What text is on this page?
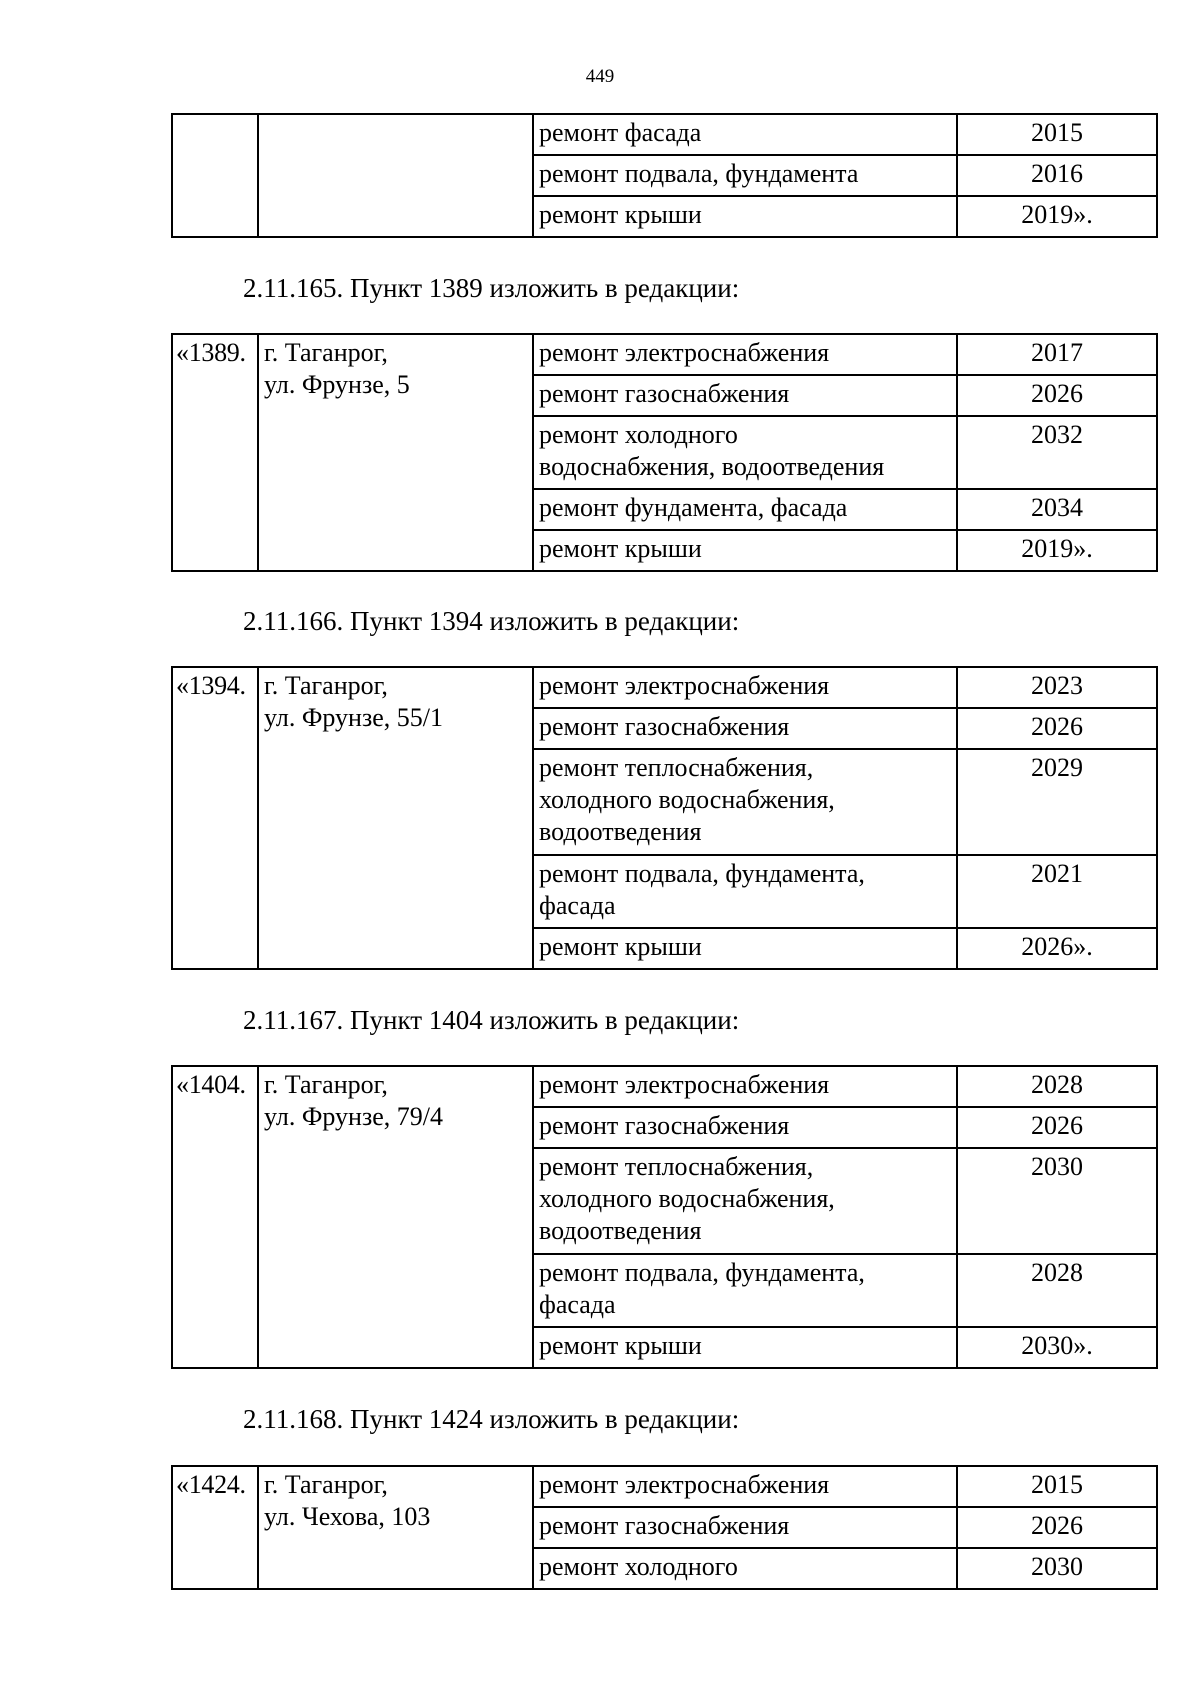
449
		ремонт фасада	2015
		ремонт подвала, фундамента	2016
		ремонт крыши	2019».
2.11.165. Пункт 1389 изложить в редакции:
«1389.	г. Таганрог,
ул. Фрунзе, 5	ремонт электроснабжения	2017

		ремонт газоснабжения	2026

		ремонт холодного
водоснабжения, водоотведения	2032

		ремонт фундамента, фасада	2034

		ремонт крыши	2019».
2.11.166. Пункт 1394 изложить в редакции:
«1394.	г. Таганрог,
ул. Фрунзе, 55/1	ремонт электроснабжения	2023

		ремонт газоснабжения	2026

		ремонт теплоснабжения,
холодного водоснабжения,
водоотведения	2029

		ремонт подвала, фундамента,
фасада	2021

		ремонт крыши	2026».
2.11.167. Пункт 1404 изложить в редакции:
«1404.	г. Таганрог,
ул. Фрунзе, 79/4	ремонт электроснабжения	2028

		ремонт газоснабжения	2026

		ремонт теплоснабжения,
холодного водоснабжения,
водоотведения	2030

		ремонт подвала, фундамента,
фасада	2028

		ремонт крыши	2030».
2.11.168. Пункт 1424 изложить в редакции:
«1424.	г. Таганрог,
ул. Чехова, 103	ремонт электроснабжения	2015

		ремонт газоснабжения	2026

		ремонт холодного	2030
